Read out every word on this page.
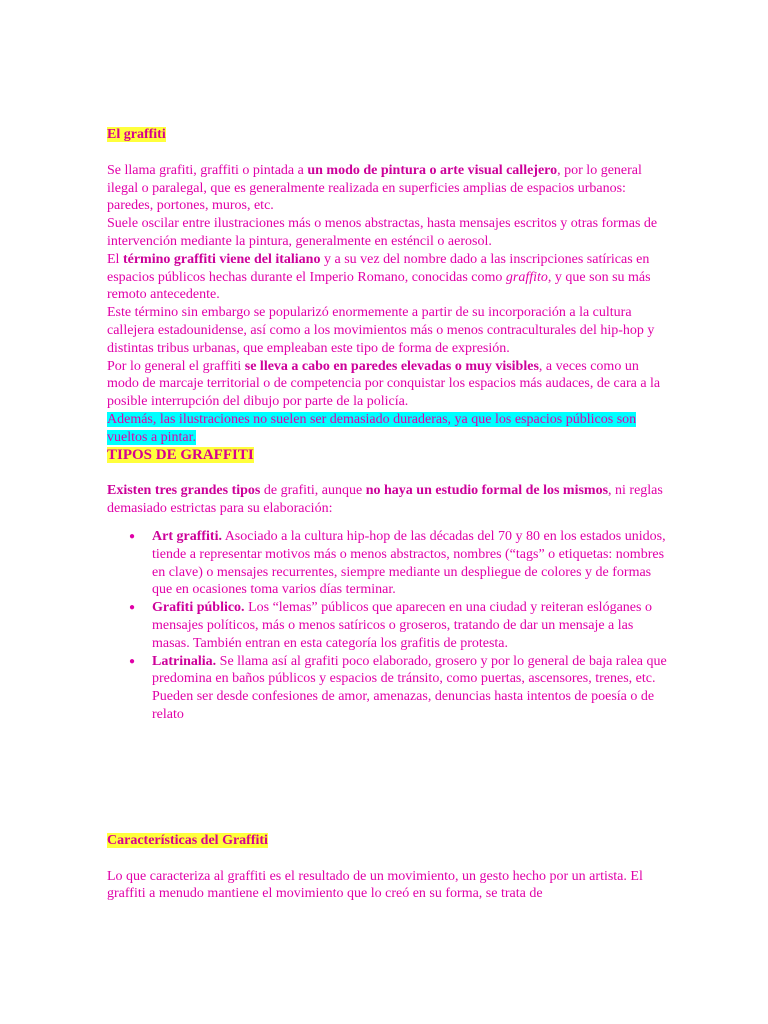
El graffiti

Se llama grafiti, graffiti o pintada a un modo de pintura o arte visual callejero, por lo general ilegal o paralegal, que es generalmente realizada en superficies amplias de espacios urbanos: paredes, portones, muros, etc.

Suele oscilar entre ilustraciones más o menos abstractas, hasta mensajes escritos y otras formas de intervención mediante la pintura, generalmente en esténcil o aerosol.

El término graffiti viene del italiano y a su vez del nombre dado a las inscripciones satíricas en espacios públicos hechas durante el Imperio Romano, conocidas como graffito, y que son su más remoto antecedente.

Este término sin embargo se popularizó enormemente a partir de su incorporación a la cultura callejera estadounidense, así como a los movimientos más o menos contraculturales del hip-hop y distintas tribus urbanas, que empleaban este tipo de forma de expresión.

Por lo general el graffiti se lleva a cabo en paredes elevadas o muy visibles, a veces como un modo de marcaje territorial o de competencia por conquistar los espacios más audaces, de cara a la posible interrupción del dibujo por parte de la policía.

Además, las ilustraciones no suelen ser demasiado duraderas, ya que los espacios públicos son vueltos a pintar.

TIPOS DE GRAFFITI

Existen tres grandes tipos de grafiti, aunque no haya un estudio formal de los mismos, ni reglas demasiado estrictas para su elaboración:

● Art graffiti. Asociado a la cultura hip-hop de las décadas del 70 y 80 en los estados unidos, tiende a representar motivos más o menos abstractos, nombres (“tags” o etiquetas: nombres en clave) o mensajes recurrentes, siempre mediante un despliegue de colores y de formas que en ocasiones toma varios días terminar.
● Grafiti público. Los “lemas” públicos que aparecen en una ciudad y reiteran eslóganes o mensajes políticos, más o menos satíricos o groseros, tratando de dar un mensaje a las masas. También entran en esta categoría los grafitis de protesta.
● Latrinalia. Se llama así al grafiti poco elaborado, grosero y por lo general de baja ralea que predomina en baños públicos y espacios de tránsito, como puertas, ascensores, trenes, etc. Pueden ser desde confesiones de amor, amenazas, denuncias hasta intentos de poesía o de relato
Características del Graffiti

Lo que caracteriza al graffiti es el resultado de un movimiento, un gesto hecho por un artista. El graffiti a menudo mantiene el movimiento que lo creó en su forma, se trata de
